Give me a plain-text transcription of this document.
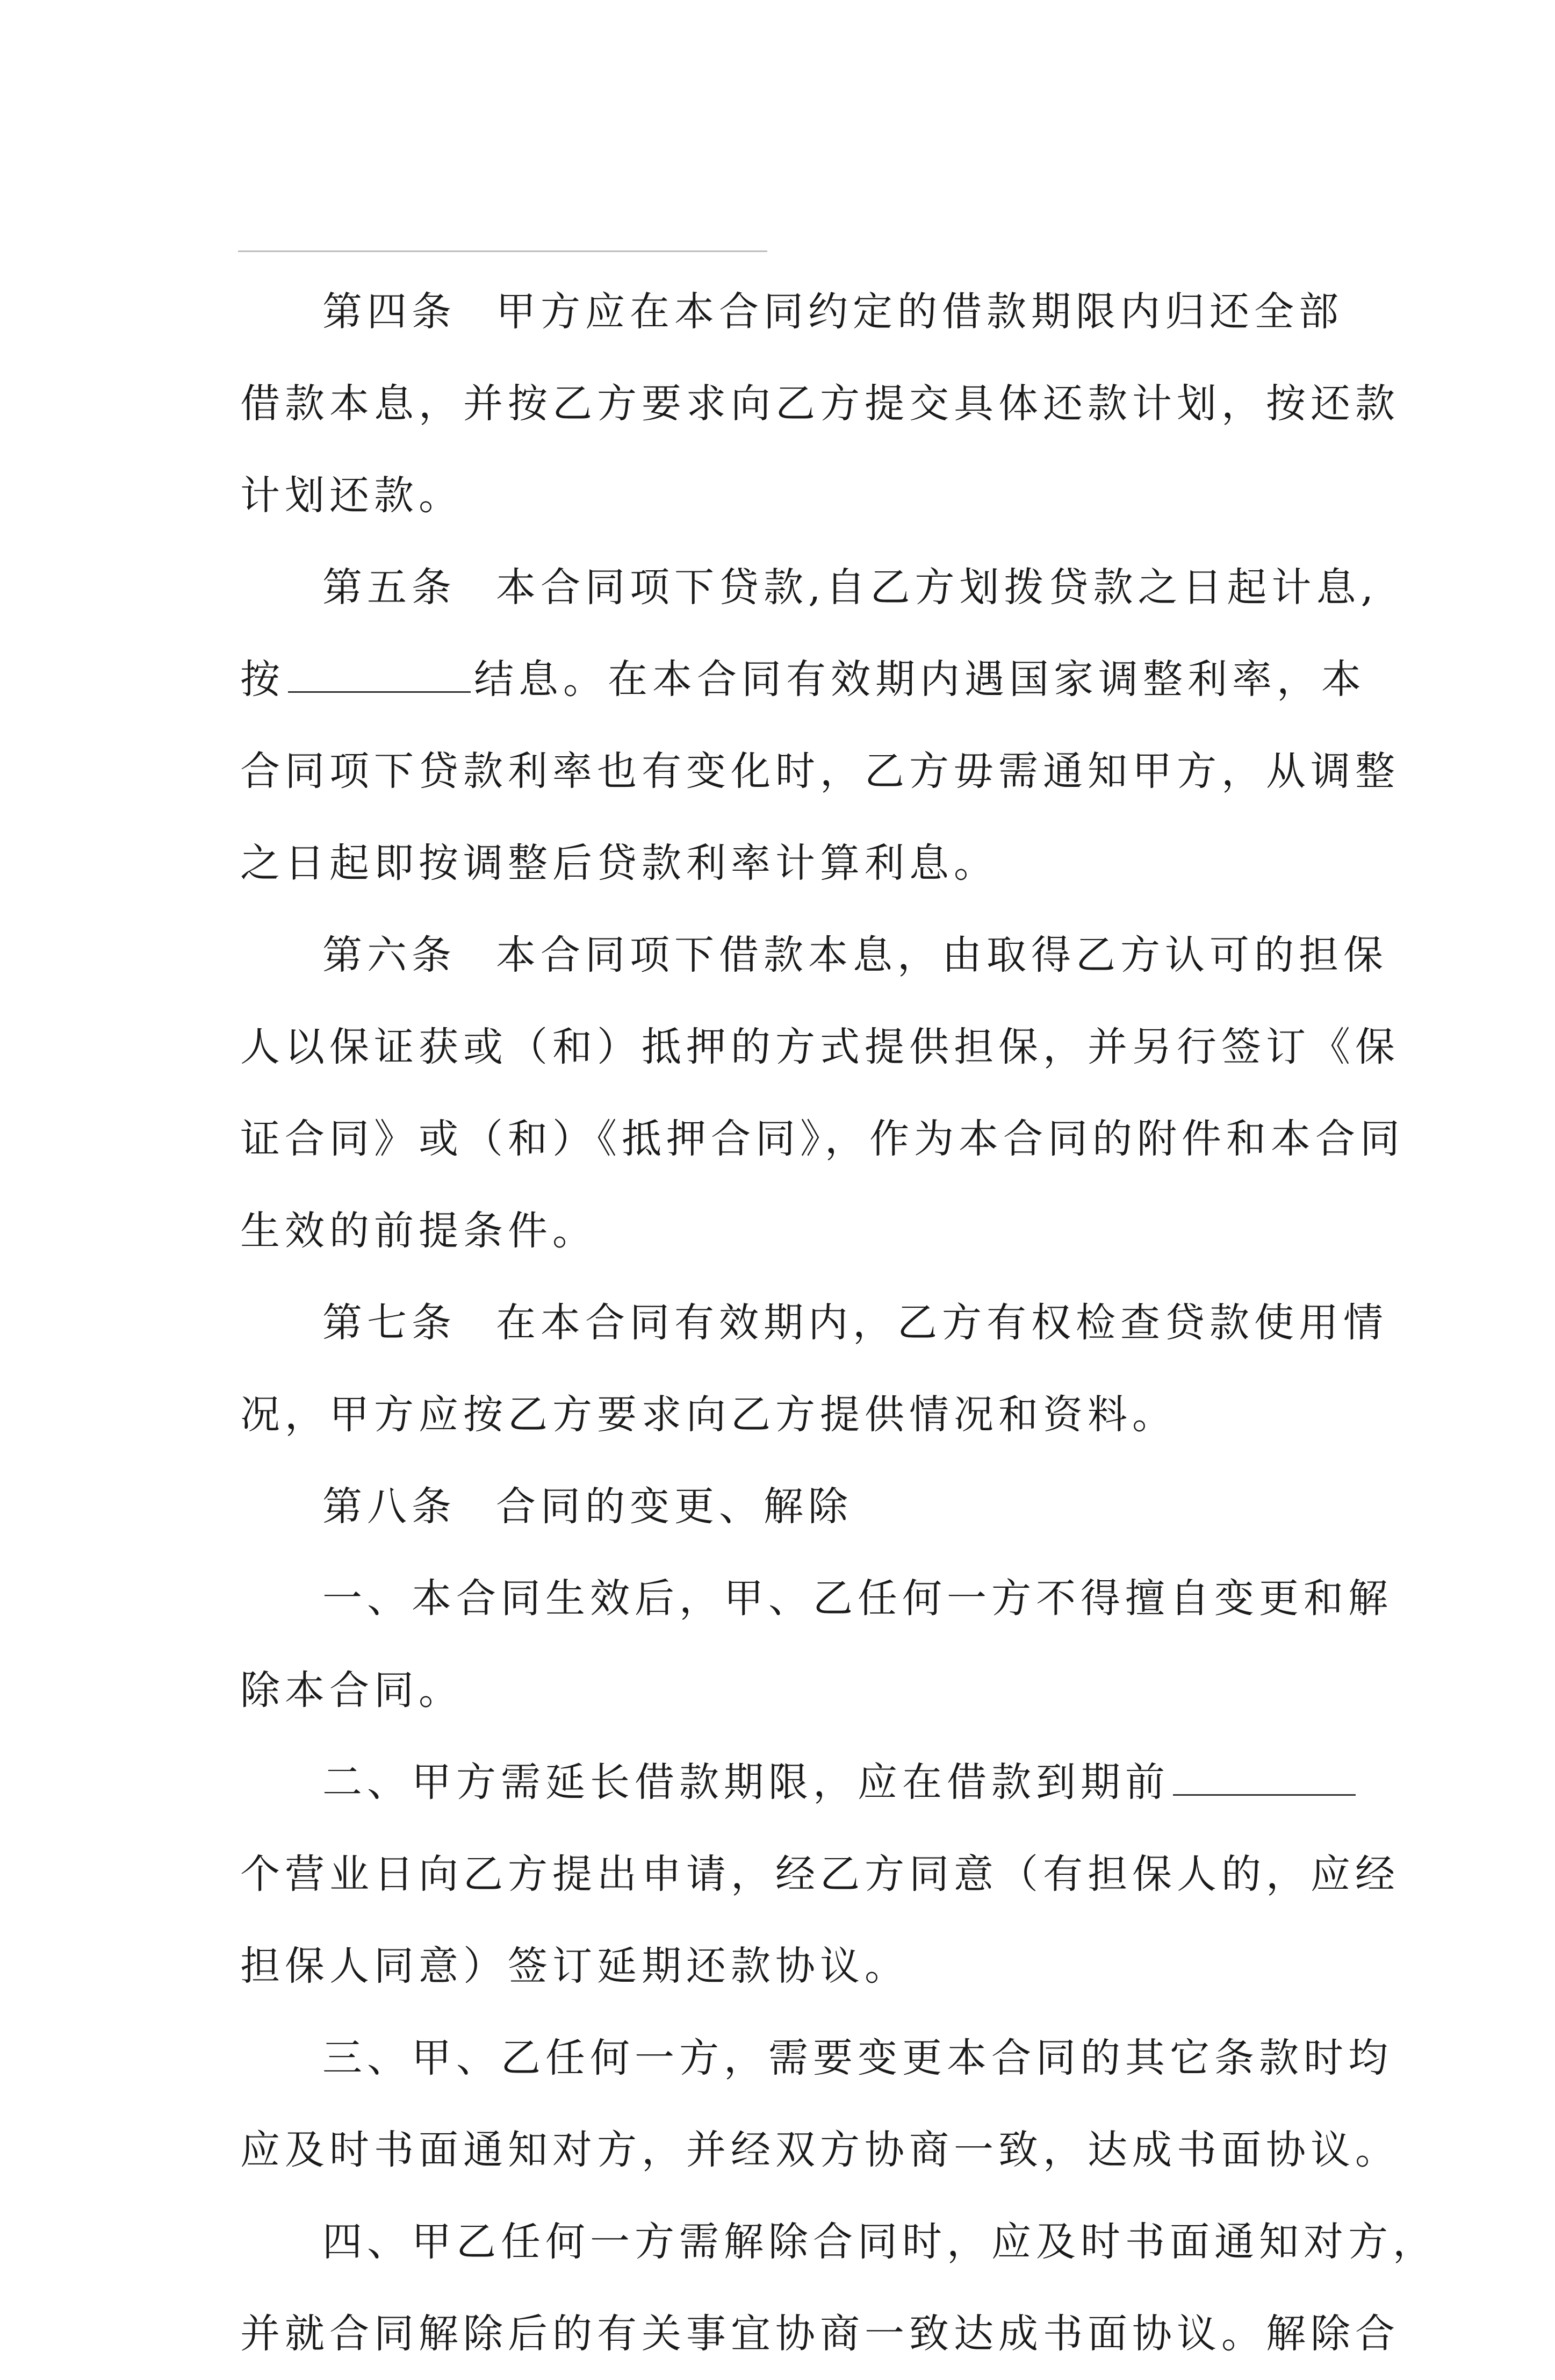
第四条 甲方应在本合同约定的借款期限内归还全部
借款本息，并按乙方要求向乙方提交具体还款计划，按还款
计划还款。
第五条 本合同项下贷款,自乙方划拨贷款之日起计息,
按	结息。在本合同有效期内遇国家调整利率，本
合同项下贷款利率也有变化时，乙方毋需通知甲方，从调整
之日起即按调整后贷款利率计算利息。
第六条 本合同项下借款本息，由取得乙方认可的担保
人以保证获或（和）抵押的方式提供担保，并另行签订《保
证合同》或（和）《抵押合同》，作为本合同的附件和本合同
生效的前提条件。
第七条 在本合同有效期内，乙方有权检查贷款使用情
况，甲方应按乙方要求向乙方提供情况和资料。
第八条 合同的变更、解除
一、本合同生效后，甲、乙任何一方不得擅自变更和解
除本合同。
二、甲方需延长借款期限，应在借款到期前
个营业日向乙方提出申请，经乙方同意（有担保人的，应经
担保人同意）签订延期还款协议。
三、甲、乙任何一方，需要变更本合同的其它条款时均
应及时书面通知对方，并经双方协商一致，达成书面协议。
四、甲乙任何一方需解除合同时，应及时书面通知对方，
并就合同解除后的有关事宜协商一致达成书面协议。解除合
